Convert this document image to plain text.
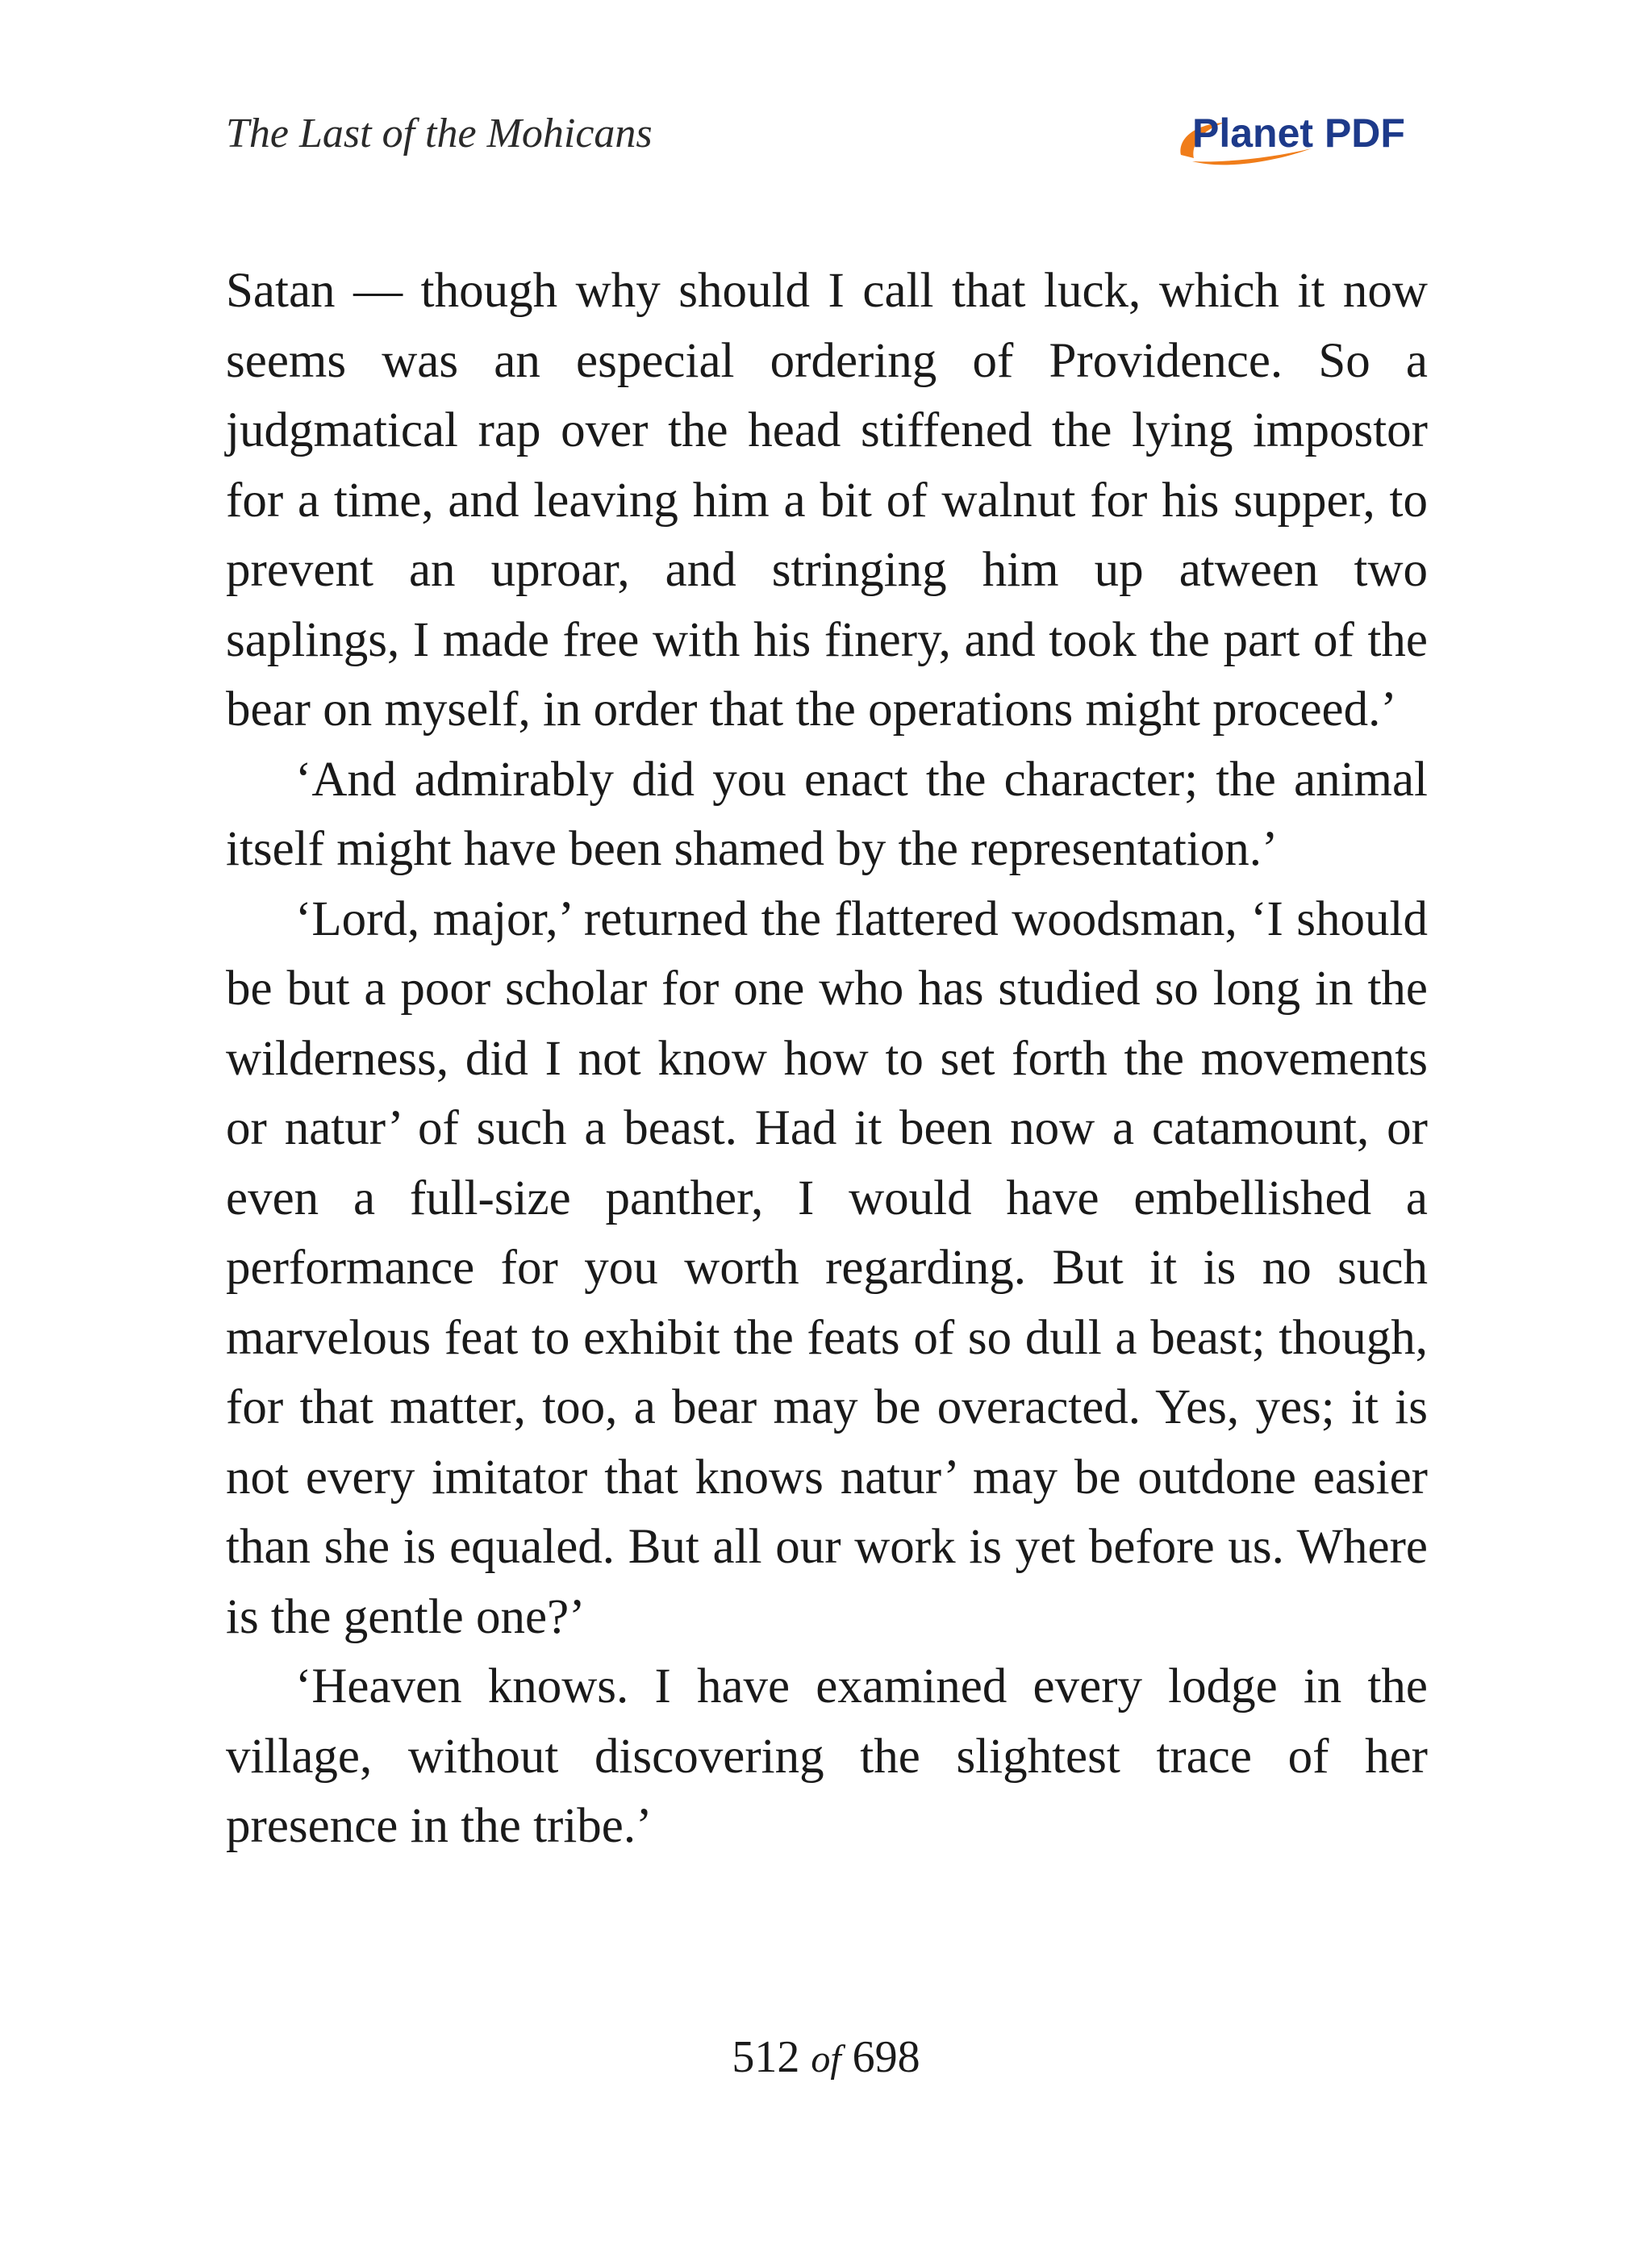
The Last of the Mohicans	Planet PDF

Satan — though why should I call that luck, which it now seems was an especial ordering of Providence. So a judgmatical rap over the head stiffened the lying impostor for a time, and leaving him a bit of walnut for his supper, to prevent an uproar, and stringing him up atween two saplings, I made free with his finery, and took the part of the bear on myself, in order that the operations might proceed.’

‘And admirably did you enact the character; the animal itself might have been shamed by the representation.’

‘Lord, major,’ returned the flattered woodsman, ‘I should be but a poor scholar for one who has studied so long in the wilderness, did I not know how to set forth the movements or natur’ of such a beast. Had it been now a catamount, or even a full-size panther, I would have embellished a performance for you worth regarding. But it is no such marvelous feat to exhibit the feats of so dull a beast; though, for that matter, too, a bear may be overacted. Yes, yes; it is not every imitator that knows natur’ may be outdone easier than she is equaled. But all our work is yet before us. Where is the gentle one?’

‘Heaven knows. I have examined every lodge in the village, without discovering the slightest trace of her presence in the tribe.’

512 of 698
